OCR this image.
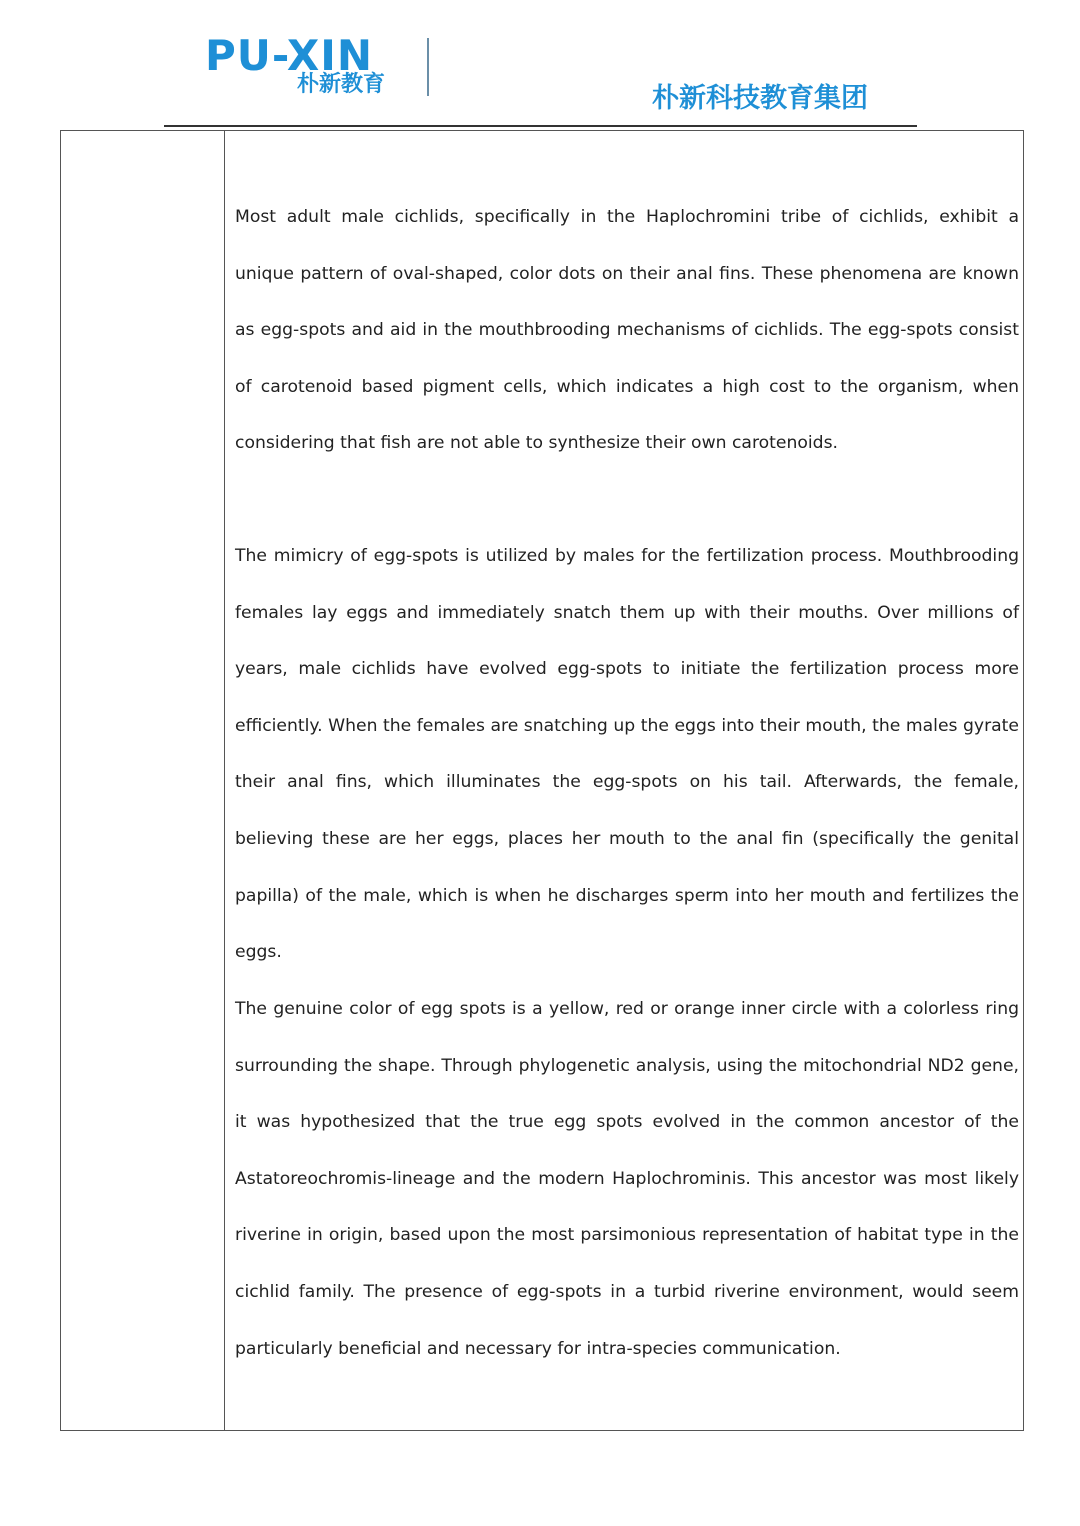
PU-XIN
朴新教育	朴新科技教育集团

Most adult male cichlids, specifically in the Haplochromini tribe of cichlids, exhibit a unique pattern of oval-shaped, color dots on their anal fins. These phenomena are known as egg-spots and aid in the mouthbrooding mechanisms of cichlids. The egg-spots consist of carotenoid based pigment cells, which indicates a high cost to the organism, when considering that fish are not able to synthesize their own carotenoids.

The mimicry of egg-spots is utilized by males for the fertilization process. Mouthbrooding females lay eggs and immediately snatch them up with their mouths. Over millions of years, male cichlids have evolved egg-spots to initiate the fertilization process more efficiently. When the females are snatching up the eggs into their mouth, the males gyrate their anal fins, which illuminates the egg-spots on his tail. Afterwards, the female, believing these are her eggs, places her mouth to the anal fin (specifically the genital papilla) of the male, which is when he discharges sperm into her mouth and fertilizes the eggs.

The genuine color of egg spots is a yellow, red or orange inner circle with a colorless ring surrounding the shape. Through phylogenetic analysis, using the mitochondrial ND2 gene, it was hypothesized that the true egg spots evolved in the common ancestor of the Astatoreochromis-lineage and the modern Haplochrominis. This ancestor was most likely riverine in origin, based upon the most parsimonious representation of habitat type in the cichlid family. The presence of egg-spots in a turbid riverine environment, would seem particularly beneficial and necessary for intra-species communication.
